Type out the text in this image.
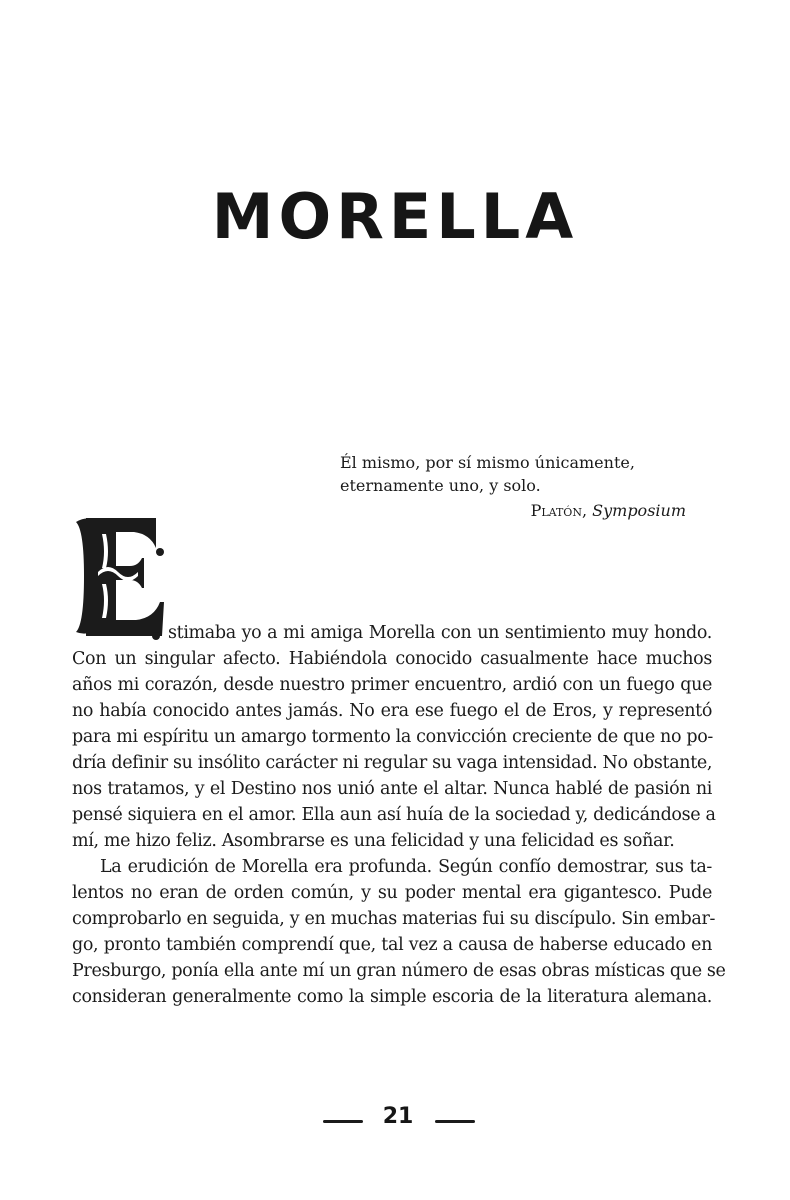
MORELLA
Él mismo, por sí mismo únicamente,
eternamente uno, y solo.
Platón, Symposium
stimaba yo a mi amiga Morella con un sentimiento muy hondo.
Con un singular afecto. Habiéndola conocido casualmente hace muchos
años mi corazón, desde nuestro primer encuentro, ardió con un fuego que
no había conocido antes jamás. No era ese fuego el de Eros, y representó
para mi espíritu un amargo tormento la convicción creciente de que no po-
dría definir su insólito carácter ni regular su vaga intensidad. No obstante,
nos tratamos, y el Destino nos unió ante el altar. Nunca hablé de pasión ni
pensé siquiera en el amor. Ella aun así huía de la sociedad y, dedicándose a
mí, me hizo feliz. Asombrarse es una felicidad y una felicidad es soñar.
La erudición de Morella era profunda. Según confío demostrar, sus ta-
lentos no eran de orden común, y su poder mental era gigantesco. Pude
comprobarlo en seguida, y en muchas materias fui su discípulo. Sin embar-
go, pronto también comprendí que, tal vez a causa de haberse educado en
Presburgo, ponía ella ante mí un gran número de esas obras místicas que se
consideran generalmente como la simple escoria de la literatura alemana.
21
